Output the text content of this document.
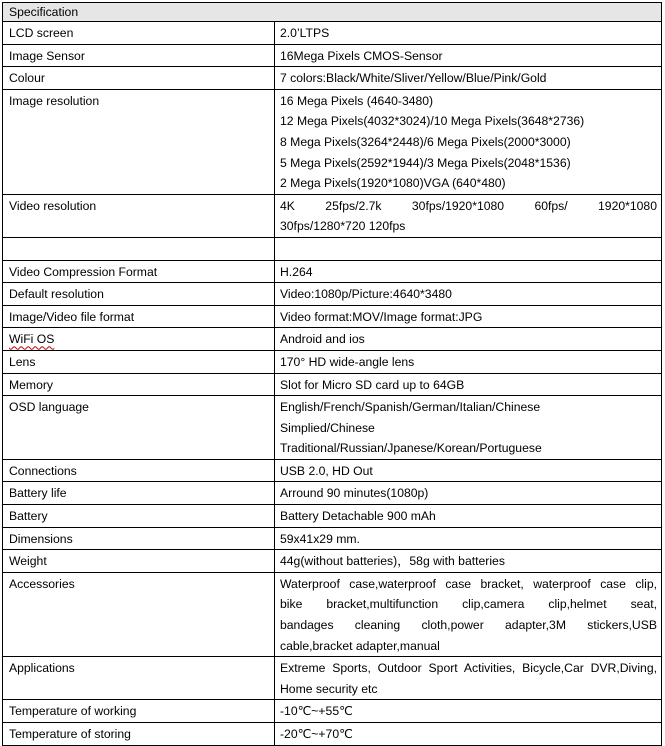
Specification	
LCD screen	2.0’LTPS

Image Sensor	16Mega Pixels CMOS-Sensor

Colour	7 colors:Black/White/Sliver/Yellow/Blue/Pink/Gold

Image resolution	16 Mega Pixels (4640-3480)
12 Mega Pixels(4032*3024)/10 Mega Pixels(3648*2736)
8 Mega Pixels(3264*2448)/6 Mega Pixels(2000*3000)
5 Mega Pixels(2592*1944)/3 Mega Pixels(2048*1536)
2 Mega Pixels(1920*1080)VGA (640*480)

Video resolution	4K 25fps/2.7k 30fps/1920*1080 60fps/ 1920*1080
30fps/1280*720 120fps

Video Compression Format	H.264

Default resolution	Video:1080p/Picture:4640*3480

Image/Video file format	Video format:MOV/Image format:JPG

WiFi OS	Android and ios

Lens	170° HD wide-angle lens

Memory	Slot for Micro SD card up to 64GB

OSD language	English/French/Spanish/German/Italian/Chinese
Simplied/Chinese
Traditional/Russian/Jpanese/Korean/Portuguese

Connections	USB 2.0, HD Out

Battery life	Arround 90 minutes(1080p)

Battery	Battery Detachable 900 mAh

Dimensions	59x41x29 mm.

Weight	44g(without batteries)，58g with batteries

Accessories	Waterproof case,waterproof case bracket, waterproof case clip,
bike bracket,multifunction clip,camera clip,helmet seat,
bandages cleaning cloth,power adapter,3M stickers,USB
cable,bracket adapter,manual

Applications	Extreme Sports, Outdoor Sport Activities, Bicycle,Car DVR,Diving,
Home security etc

Temperature of working	-10℃~+55℃

Temperature of storing	-20℃~+70℃
